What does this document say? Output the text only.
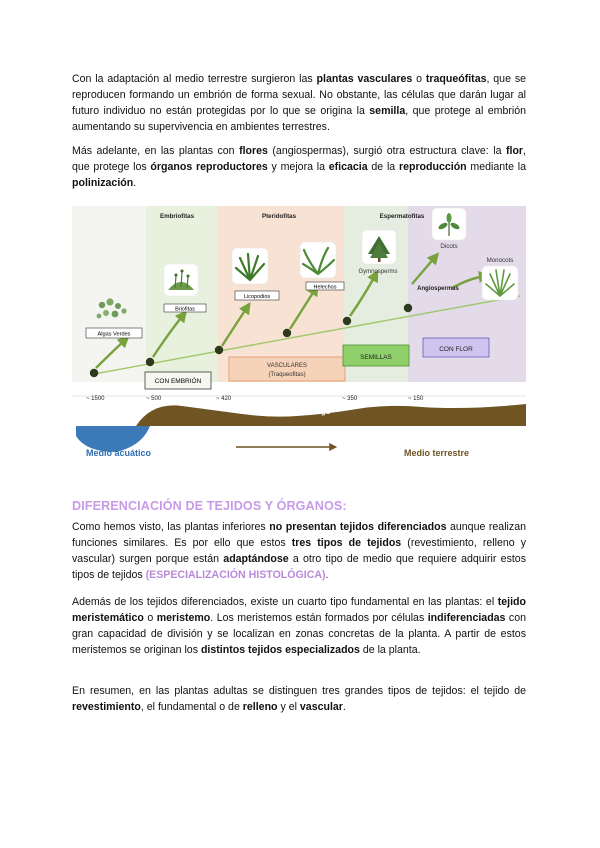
Con la adaptación al medio terrestre surgieron las plantas vasculares o traqueófitas, que se reproducen formando un embrión de forma sexual. No obstante, las células que darán lugar al futuro individuo no están protegidas por lo que se origina la semilla, que protege al embrión aumentando su supervivencia en ambientes terrestres.

Más adelante, en las plantas con flores (angiospermas), surgió otra estructura clave: la flor, que protege los órganos reproductores y mejora la eficacia de la reproducción mediante la polinización.

Embriofitas	Pteridofitas	Espermatofitas
CON EMBRIÓN
VASCULARES
(Traqueofitas)
SEMILLAS
CON FLOR
Algas Verdes
Briofitas
Licopodios
Helechos
Gymnosperms
Dicots
Angiospermas
Monocots
~ 1500	~ 500	~ 420	~ 350	~ 150
million years ago
Medio acuático	Medio terrestre
DIFERENCIACIÓN DE TEJIDOS Y ÓRGANOS:

Como hemos visto, las plantas inferiores no presentan tejidos diferenciados aunque realizan funciones similares. Es por ello que estos tres tipos de tejidos (revestimiento, relleno y vascular) surgen porque están adaptándose a otro tipo de medio que requiere adquirir estos tipos de tejidos (ESPECIALIZACIÓN HISTOLÓGICA).

Además de los tejidos diferenciados, existe un cuarto tipo fundamental en las plantas: el tejido meristemático o meristemo. Los meristemos están formados por células indiferenciadas con gran capacidad de división y se localizan en zonas concretas de la planta. A partir de estos meristemos se originan los distintos tejidos especializados de la planta.

En resumen, en las plantas adultas se distinguen tres grandes tipos de tejidos: el tejido de revestimiento, el fundamental o de relleno y el vascular.
